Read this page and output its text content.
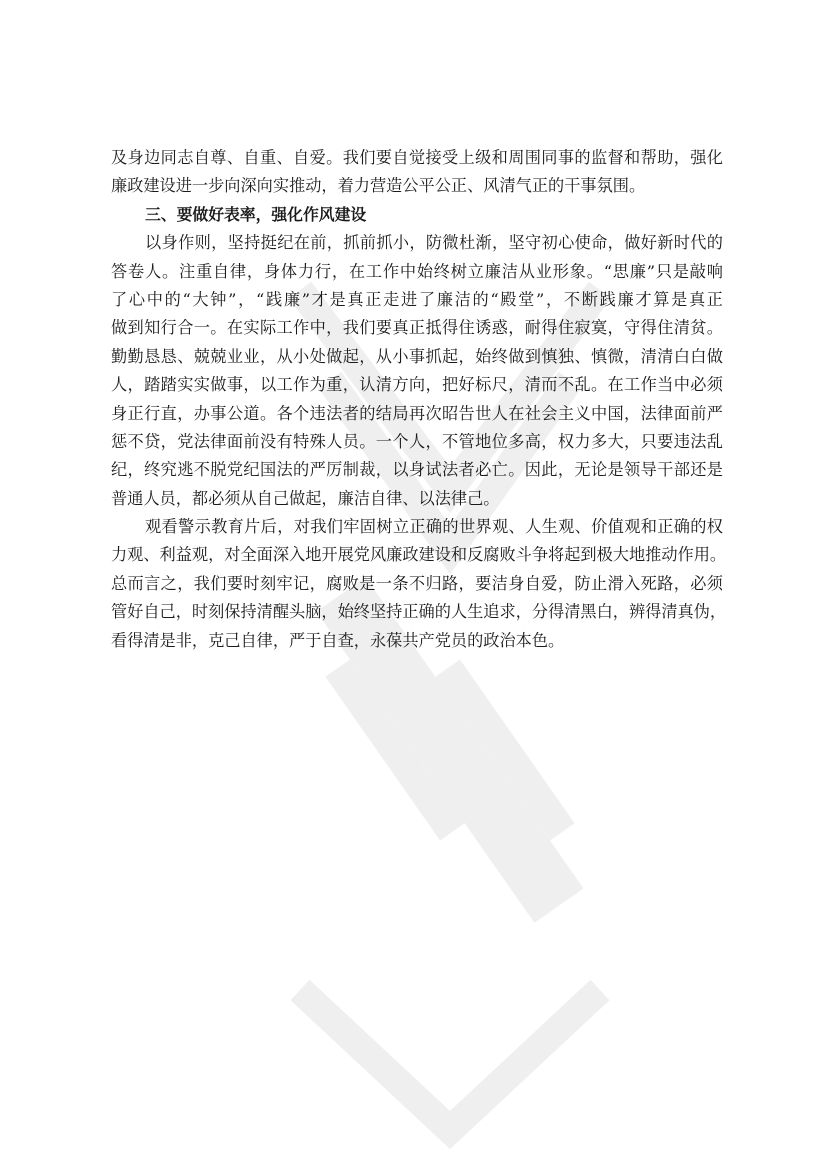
及身边同志自尊、自重、自爱。我们要自觉接受上级和周围同事的监督和帮助，强化
廉政建设进一步向深向实推动，着力营造公平公正、风清气正的干事氛围。
三、要做好表率，强化作风建设
以身作则，坚持挺纪在前，抓前抓小，防微杜渐，坚守初心使命，做好新时代的
答卷人。注重自律，身体力行，在工作中始终树立廉洁从业形象。“思廉”只是敲响
了心中的“大钟”，“践廉”才是真正走进了廉洁的“殿堂”，不断践廉才算是真正
做到知行合一。在实际工作中，我们要真正抵得住诱惑，耐得住寂寞，守得住清贫。
勤勤恳恳、兢兢业业，从小处做起，从小事抓起，始终做到慎独、慎微，清清白白做
人，踏踏实实做事，以工作为重，认清方向，把好标尺，清而不乱。在工作当中必须
身正行直，办事公道。各个违法者的结局再次昭告世人在社会主义中国，法律面前严
惩不贷，党法律面前没有特殊人员。一个人，不管地位多高，权力多大，只要违法乱
纪，终究逃不脱党纪国法的严厉制裁，以身试法者必亡。因此，无论是领导干部还是
普通人员，都必须从自己做起，廉洁自律、以法律己。
观看警示教育片后，对我们牢固树立正确的世界观、人生观、价值观和正确的权
力观、利益观，对全面深入地开展党风廉政建设和反腐败斗争将起到极大地推动作用。
总而言之，我们要时刻牢记，腐败是一条不归路，要洁身自爱，防止滑入死路，必须
管好自己，时刻保持清醒头脑，始终坚持正确的人生追求，分得清黑白，辨得清真伪，
看得清是非，克己自律，严于自查，永葆共产党员的政治本色。
